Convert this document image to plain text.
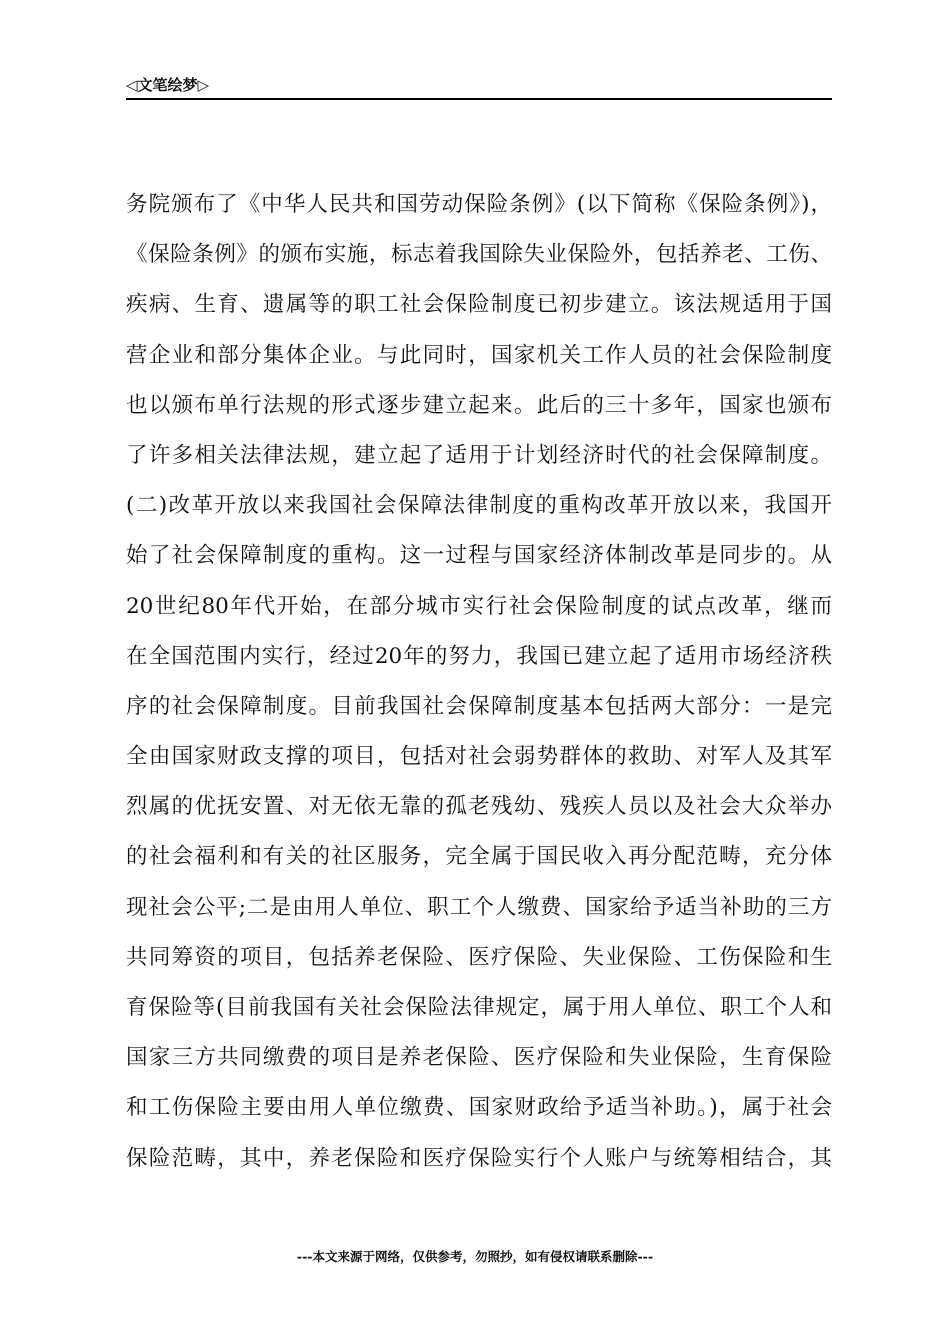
◁文笔绘梦▷
务院颁布了《中华人民共和国劳动保险条例》(以下简称《保险条例》)，
《保险条例》的颁布实施，标志着我国除失业保险外，包括养老、工伤、
疾病、生育、遗属等的职工社会保险制度已初步建立。该法规适用于国
营企业和部分集体企业。与此同时，国家机关工作人员的社会保险制度
也以颁布单行法规的形式逐步建立起来。此后的三十多年，国家也颁布
了许多相关法律法规，建立起了适用于计划经济时代的社会保障制度。
(二)改革开放以来我国社会保障法律制度的重构改革开放以来，我国开
始了社会保障制度的重构。这一过程与国家经济体制改革是同步的。从
20世纪80年代开始，在部分城市实行社会保险制度的试点改革，继而
在全国范围内实行，经过20年的努力，我国已建立起了适用市场经济秩
序的社会保障制度。目前我国社会保障制度基本包括两大部分：一是完
全由国家财政支撑的项目，包括对社会弱势群体的救助、对军人及其军
烈属的优抚安置、对无依无靠的孤老残幼、残疾人员以及社会大众举办
的社会福利和有关的社区服务，完全属于国民收入再分配范畴，充分体
现社会公平;二是由用人单位、职工个人缴费、国家给予适当补助的三方
共同筹资的项目，包括养老保险、医疗保险、失业保险、工伤保险和生
育保险等(目前我国有关社会保险法律规定，属于用人单位、职工个人和
国家三方共同缴费的项目是养老保险、医疗保险和失业保险，生育保险
和工伤保险主要由用人单位缴费、国家财政给予适当补助。)，属于社会
保险范畴，其中，养老保险和医疗保险实行个人账户与统筹相结合，其
---本文来源于网络，仅供参考，勿照抄，如有侵权请联系删除---
